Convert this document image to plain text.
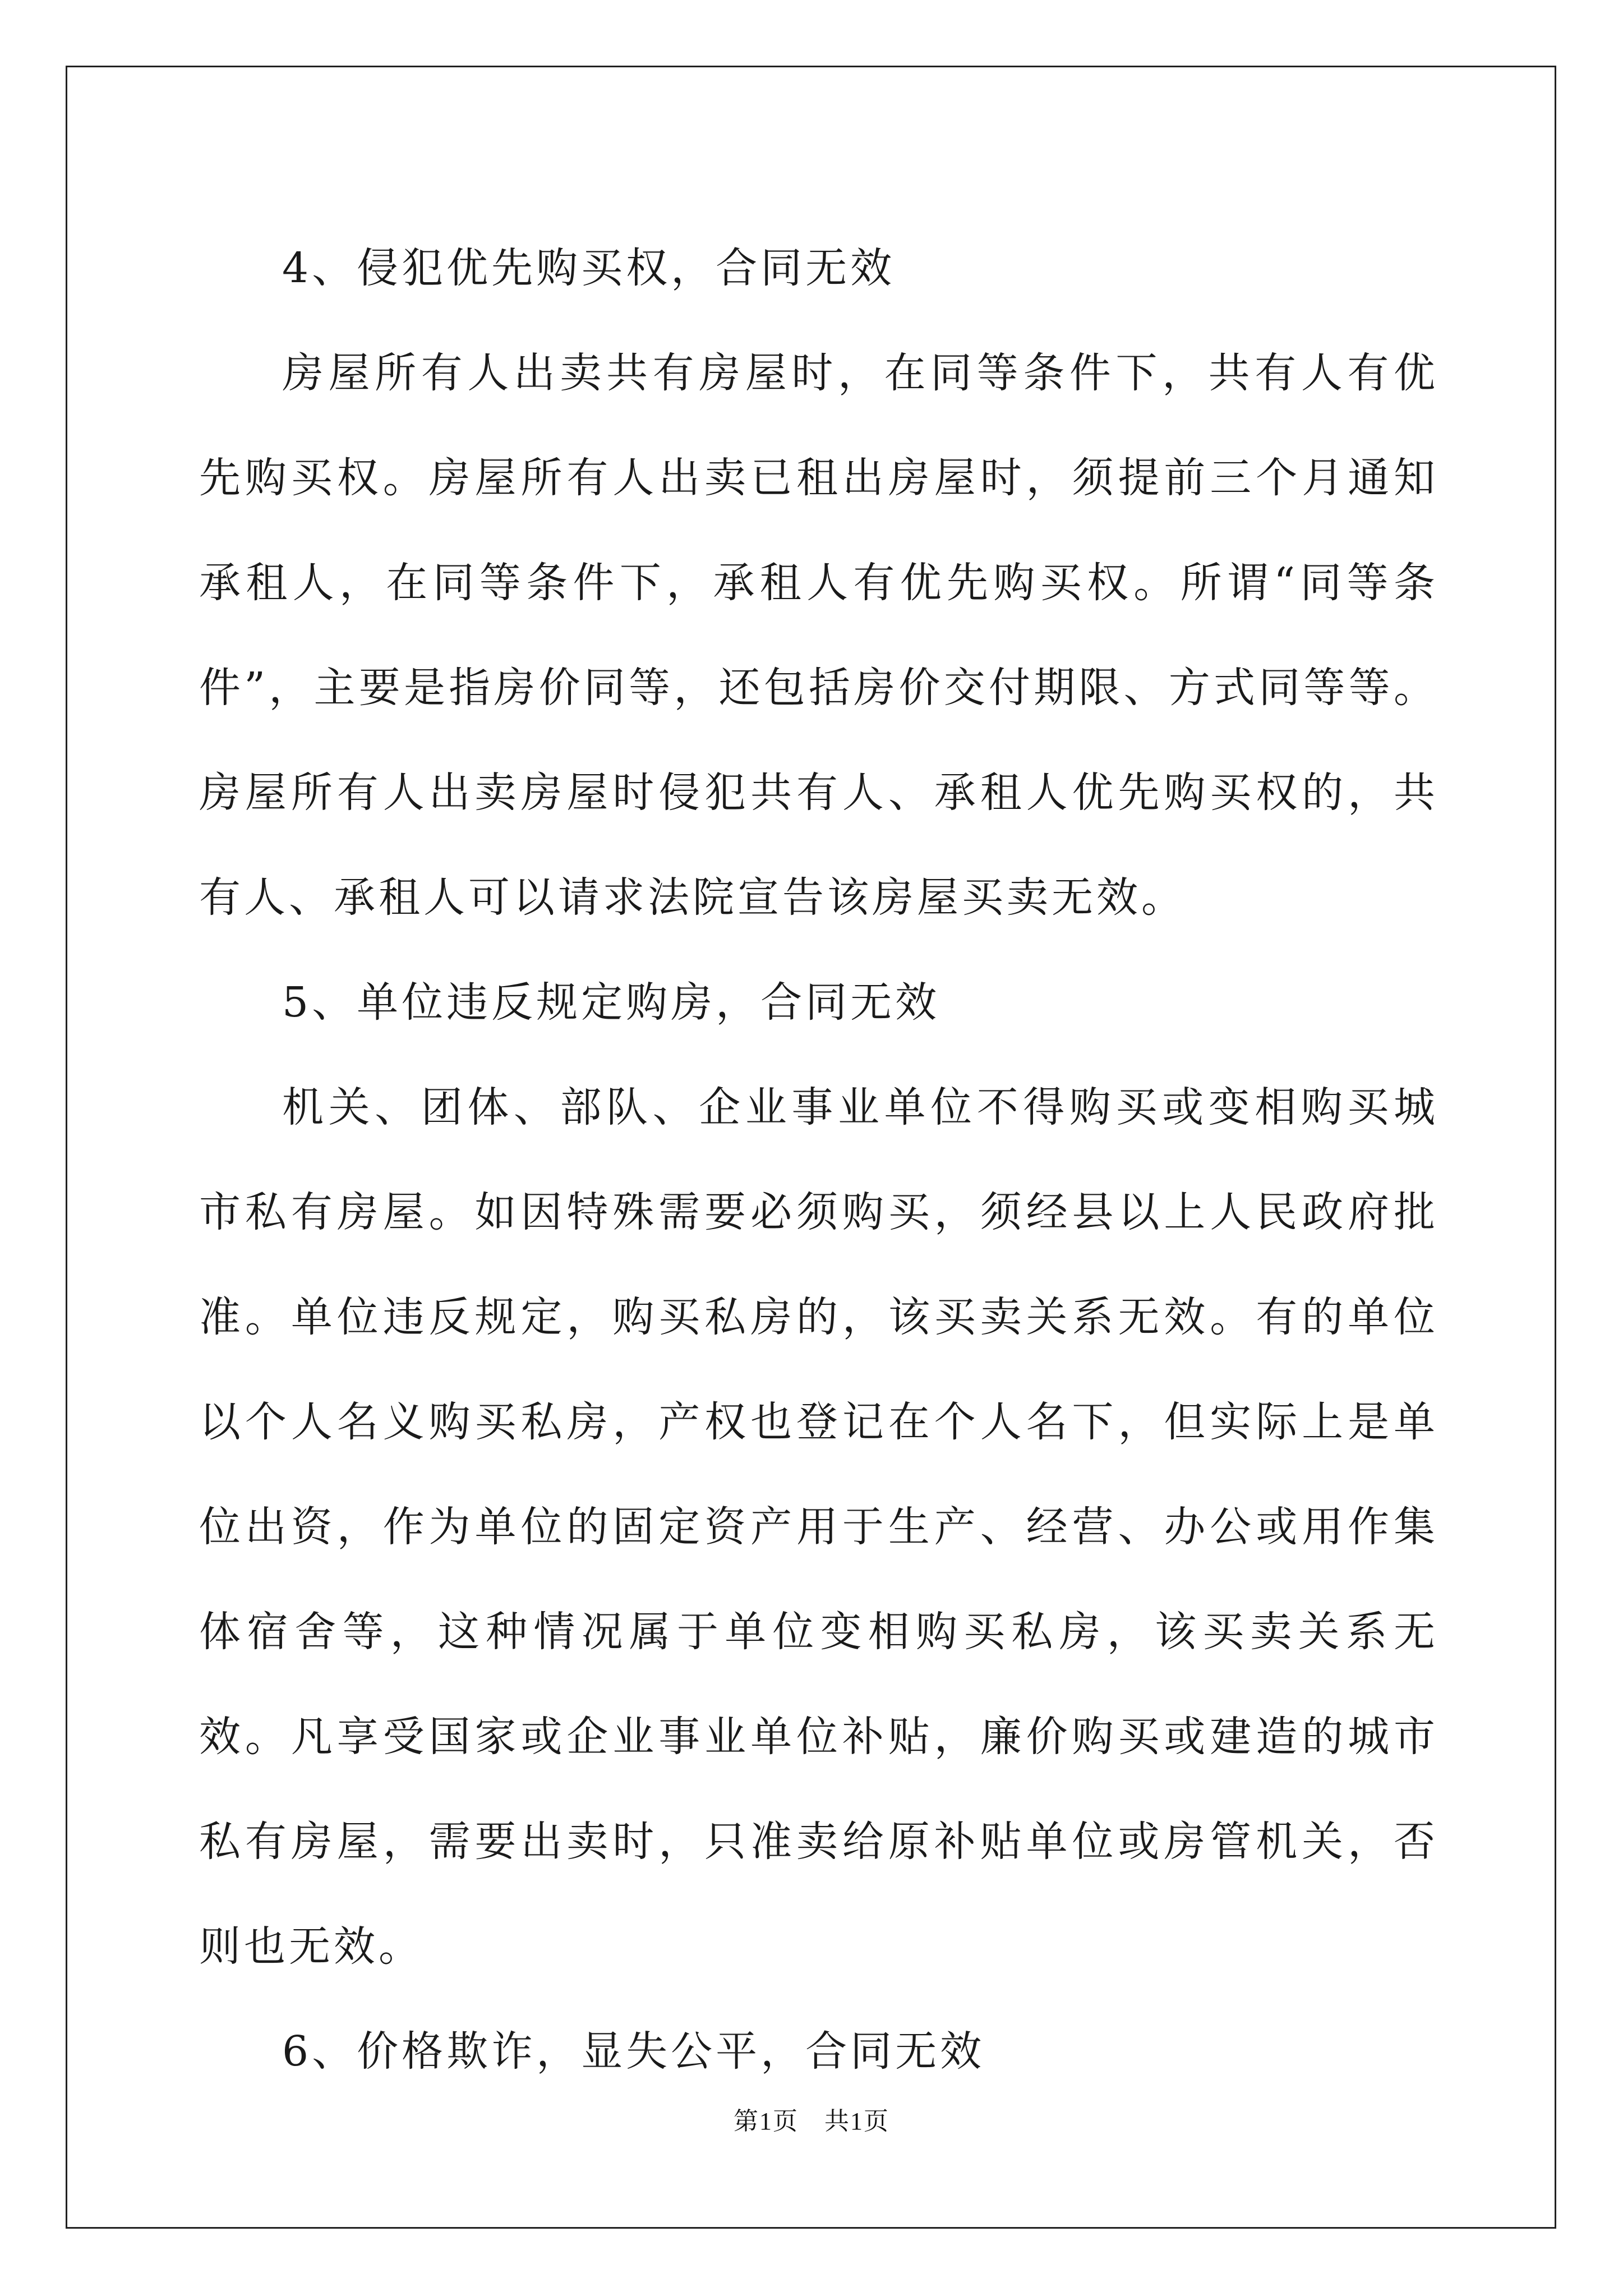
4、侵犯优先购买权，合同无效

房屋所有人出卖共有房屋时，在同等条件下，共有人有优先购买权。房屋所有人出卖已租出房屋时，须提前三个月通知承租人，在同等条件下，承租人有优先购买权。所谓“同等条件”，主要是指房价同等，还包括房价交付期限、方式同等等。房屋所有人出卖房屋时侵犯共有人、承租人优先购买权的，共有人、承租人可以请求法院宣告该房屋买卖无效。

5、单位违反规定购房，合同无效

机关、团体、部队、企业事业单位不得购买或变相购买城市私有房屋。如因特殊需要必须购买，须经县以上人民政府批准。单位违反规定，购买私房的，该买卖关系无效。有的单位以个人名义购买私房，产权也登记在个人名下，但实际上是单位出资，作为单位的固定资产用于生产、经营、办公或用作集体宿舍等，这种情况属于单位变相购买私房，该买卖关系无效。凡享受国家或企业事业单位补贴，廉价购买或建造的城市私有房屋，需要出卖时，只准卖给原补贴单位或房管机关，否则也无效。

6、价格欺诈，显失公平，合同无效

第1页　共1页
